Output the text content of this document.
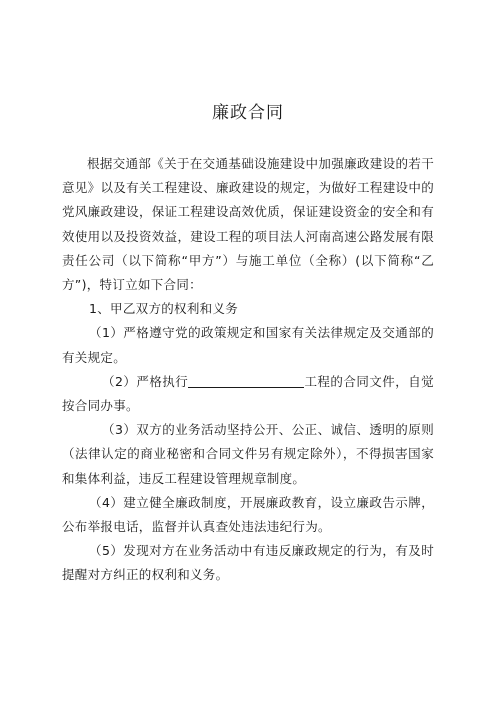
廉政合同

根据交通部《关于在交通基础设施建设中加强廉政建设的若干意见》以及有关工程建设、廉政建设的规定，为做好工程建设中的党风廉政建设，保证工程建设高效优质，保证建设资金的安全和有效使用以及投资效益，建设工程的项目法人河南高速公路发展有限责任公司（以下简称“甲方”）与施工单位（全称）(以下简称“乙方”)，特订立如下合同：

1、甲乙双方的权利和义务

（1）严格遵守党的政策规定和国家有关法律规定及交通部的有关规定。

（2）严格执行	工程的合同文件，自觉按合同办事。

（3）双方的业务活动坚持公开、公正、诚信、透明的原则（法律认定的商业秘密和合同文件另有规定除外），不得损害国家和集体利益，违反工程建设管理规章制度。

（4）建立健全廉政制度，开展廉政教育，设立廉政告示牌，公布举报电话，监督并认真查处违法违纪行为。

（5）发现对方在业务活动中有违反廉政规定的行为，有及时提醒对方纠正的权利和义务。
